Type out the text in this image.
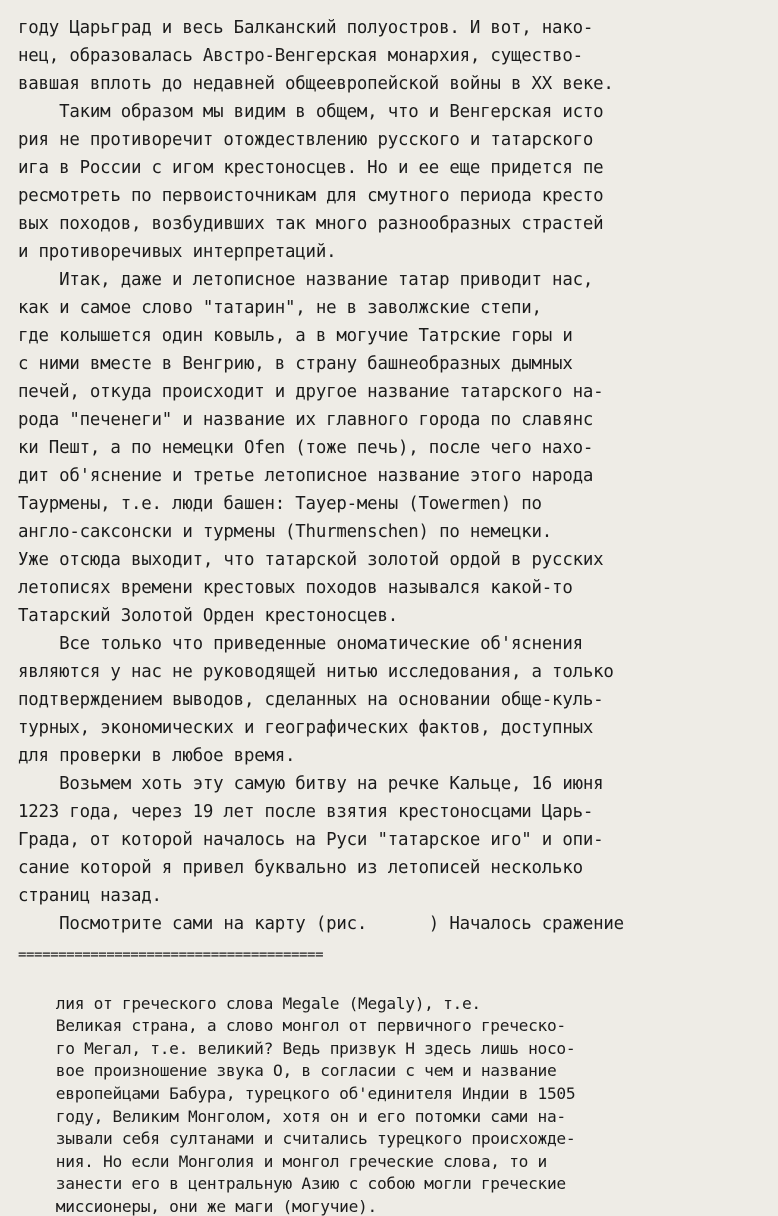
году Царьград и весь Балканский полуостров. И вот, нако-
нец, образовалась Австро-Венгерская монархия, существо-
вавшая вплоть до недавней общеевропейской войны в XX веке.
Таким образом мы видим в общем, что и Венгерская исто
рия не противоречит отождествлению русского и татарского
ига в России с игом крестоносцев. Но и ее еще придется пе
ресмотреть по первоисточникам для смутного периода кресто
вых походов, возбудивших так много разнообразных страстей
и противоречивых интерпретаций.
Итак, даже и летописное название татар приводит нас,
как и самое слово "татарин", не в заволжские степи,
где колышется один ковыль, а в могучие Татрские горы и
с ними вместе в Венгрию, в страну башнеобразных дымных
печей, откуда происходит и другое название татарского на-
рода "печенеги" и название их главного города по славянс
ки Пешт, а по немецки Ofen (тоже печь), после чего нахо-
дит об'яснение и третье летописное название этого народа
Таурмены, т.е. люди башен: Тауер-мены (Towermen) по
англо-саксонски и турмены (Thurmenschen) по немецки.
Уже отсюда выходит, что татарской золотой ордой в русских
летописях времени крестовых походов назывался какой-то
Татарский Золотой Орден крестоносцев.
Все только что приведенные ономатические об'яснения
являются у нас не руководящей нитью исследования, а только
подтверждением выводов, сделанных на основании обще-куль-
турных, экономических и географических фактов, доступных
для проверки в любое время.
Возьмем хоть эту самую битву на речке Кальце, 16 июня
1223 года, через 19 лет после взятия крестоносцами Царь-
Града, от которой началось на Руси "татарское иго" и опи-
сание которой я привел буквально из летописей несколько
страниц назад.
Посмотрите сами на карту (рис.      ) Началось сражение
======================================

лия от греческого слова Megale (Megaly), т.е.
Великая страна, а слово монгол от первичного греческо-
го Мегал, т.е. великий? Ведь призвук Н здесь лишь носо-
вое произношение звука О, в согласии с чем и название
европейцами Бабура, турецкого об'единителя Индии в 1505
году, Великим Монголом, хотя он и его потомки сами на-
зывали себя султанами и считались турецкого происхожде-
ния. Но если Монголия и монгол греческие слова, то и
занести его в центральную Азию с собою могли греческие
миссионеры, они же маги (могучие).
